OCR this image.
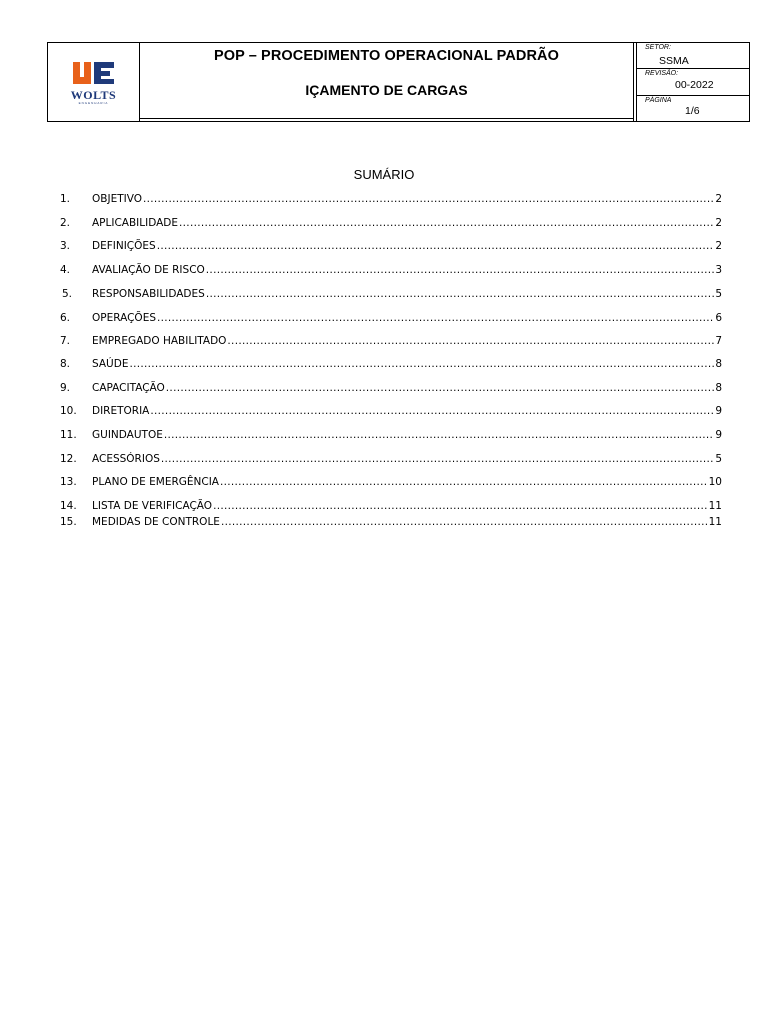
WOLTS
ENGENHARIA
POP – PROCEDIMENTO OPERACIONAL PADRÃO
IÇAMENTO DE CARGAS
SETOR:
SSMA
REVISÃO:
00-2022
PÁGINA
1/6
SUMÁRIO
1.	OBJETIVO .....	2
2.	APLICABILIDADE .....	2
3.	DEFINIÇÕES .....	2
4.	AVALIAÇÃO DE RISCO .....	3
5.	RESPONSABILIDADES .....	5
6.	OPERAÇÕES .....	6
7.	EMPREGADO HABILITADO .....	7
8.	SAÚDE .....	8
9.	CAPACITAÇÃO .....	8
10.	DIRETORIA .....	9
11.	GUINDAUTOE .....	9
12.	ACESSÓRIOS .....	5
13.	PLANO DE EMERGÊNCIA .....	10
14.	LISTA DE VERIFICAÇÃO .....	11
15.	MEDIDAS DE CONTROLE .....	11
